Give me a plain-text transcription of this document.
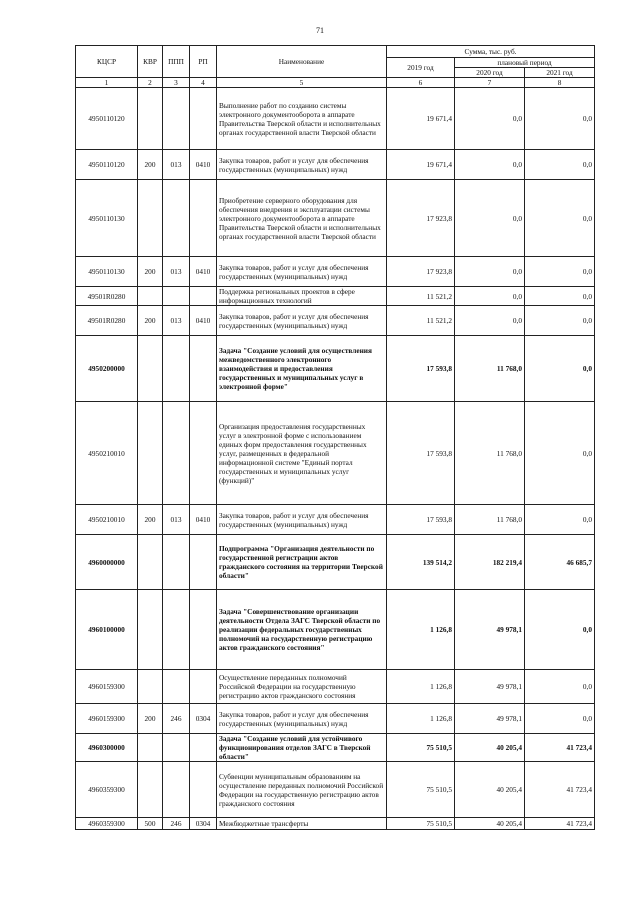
71
КЦСР	КВР	ППП	РП	Наименование	Сумма, тыс. руб.		
					2019 год	плановый период	
						2020 год	2021 год
1	2	3	4	5	6	7	8
4950110120				Выполнение работ по созданию системы электронного документооборота в аппарате Правительства Тверской области и исполнительных органах государственной власти Тверской области	19 671,4	0,0	0,0
4950110120	200	013	0410	Закупка товаров, работ и услуг для обеспечения государственных (муниципальных) нужд	19 671,4	0,0	0,0
4950110130				Приобретение серверного оборудования для обеспечения внедрения и эксплуатации системы электронного документооборота в аппарате Правительства Тверской области и исполнительных органах государственной власти Тверской области	17 923,8	0,0	0,0
4950110130	200	013	0410	Закупка товаров, работ и услуг для обеспечения государственных (муниципальных) нужд	17 923,8	0,0	0,0
49501R0280				Поддержка региональных проектов в сфере информационных технологий	11 521,2	0,0	0,0
49501R0280	200	013	0410	Закупка товаров, работ и услуг для обеспечения государственных (муниципальных) нужд	11 521,2	0,0	0,0
4950200000				Задача "Создание условий для осуществления межведомственного электронного взаимодействия и предоставления государственных и муниципальных услуг в электронной форме"	17 593,8	11 768,0	0,0
4950210010				Организация предоставления государственных услуг в электронной форме с использованием единых форм предоставления государственных услуг, размещенных в федеральной информационной системе "Единый портал государственных и муниципальных услуг (функций)"	17 593,8	11 768,0	0,0
4950210010	200	013	0410	Закупка товаров, работ и услуг для обеспечения государственных (муниципальных) нужд	17 593,8	11 768,0	0,0
4960000000				Подпрограмма "Организация деятельности по государственной регистрации актов гражданского состояния на территории Тверской области"	139 514,2	182 219,4	46 685,7
4960100000				Задача "Совершенствование организации деятельности Отдела ЗАГС Тверской области по реализации федеральных государственных полномочий на государственную регистрацию актов гражданского состояния"	1 126,8	49 978,1	0,0
4960159300				Осуществление переданных полномочий Российской Федерации на государственную регистрацию актов гражданского состояния	1 126,8	49 978,1	0,0
4960159300	200	246	0304	Закупка товаров, работ и услуг для обеспечения государственных (муниципальных) нужд	1 126,8	49 978,1	0,0
4960300000				Задача "Создание условий для устойчивого функционирования отделов ЗАГС в Тверской области"	75 510,5	40 205,4	41 723,4
4960359300				Субвенции муниципальным образованиям на осуществление переданных полномочий Российской Федерации на государственную регистрацию актов гражданского состояния	75 510,5	40 205,4	41 723,4
4960359300	500	246	0304	Межбюджетные трансферты	75 510,5	40 205,4	41 723,4
